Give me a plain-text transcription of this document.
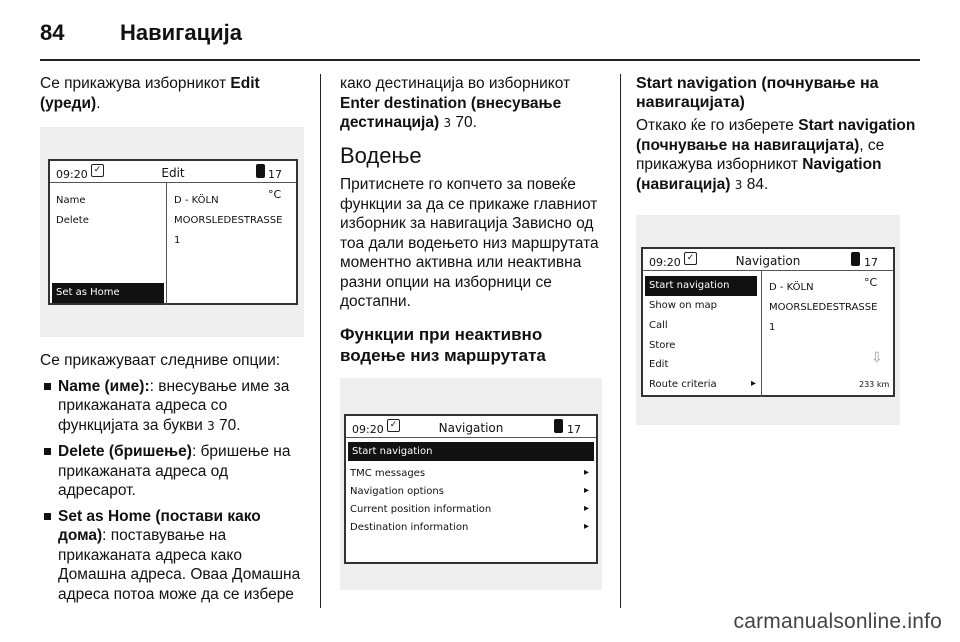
84	Навигација

Се прикажува изборникот Edit (уреди).

09:20 ✓	Edit	17 °C
Name
Delete
Set as Home
D - KÖLN
MOORSLEDESTRASSE
1

Се прикажуваат следниве опции:

Name (име):: внесување име за прикажаната адреса со функцијата за букви 3 70.
Delete (бришење): бришење на прикажаната адреса од адресарот.
Set as Home (постави како дома): поставување на прикажаната адреса како Домашна адреса. Оваа Домашна адреса потоа може да се избере

како дестинација во изборникот Enter destination (внесување дестинација) 3 70.

Водење

Притиснете го копчето за повеќе функции за да се прикаже главниот изборник за навигација Зависно од тоа дали водењето низ маршрутата моментно активна или неактивна разни опции на изборници се достапни.

Функции при неактивно водење низ маршрутата
09:20 ✓	Navigation	17
Start navigation
TMC messages	▸
Navigation options	▸
Current position information	▸
Destination information	▸
Start navigation (почнување на навигацијата)

Откако ќе го изберете Start navigation (почнување на навигацијата), се прикажува изборникот Navigation (навигација) 3 84.

09:20 ✓	Navigation	17 °C
Start navigation
Show on map
Call
Store
Edit
Route criteria	▸
D - KÖLN
MOORSLEDESTRASSE
1
⇩
233 km
carmanualsonline.info
